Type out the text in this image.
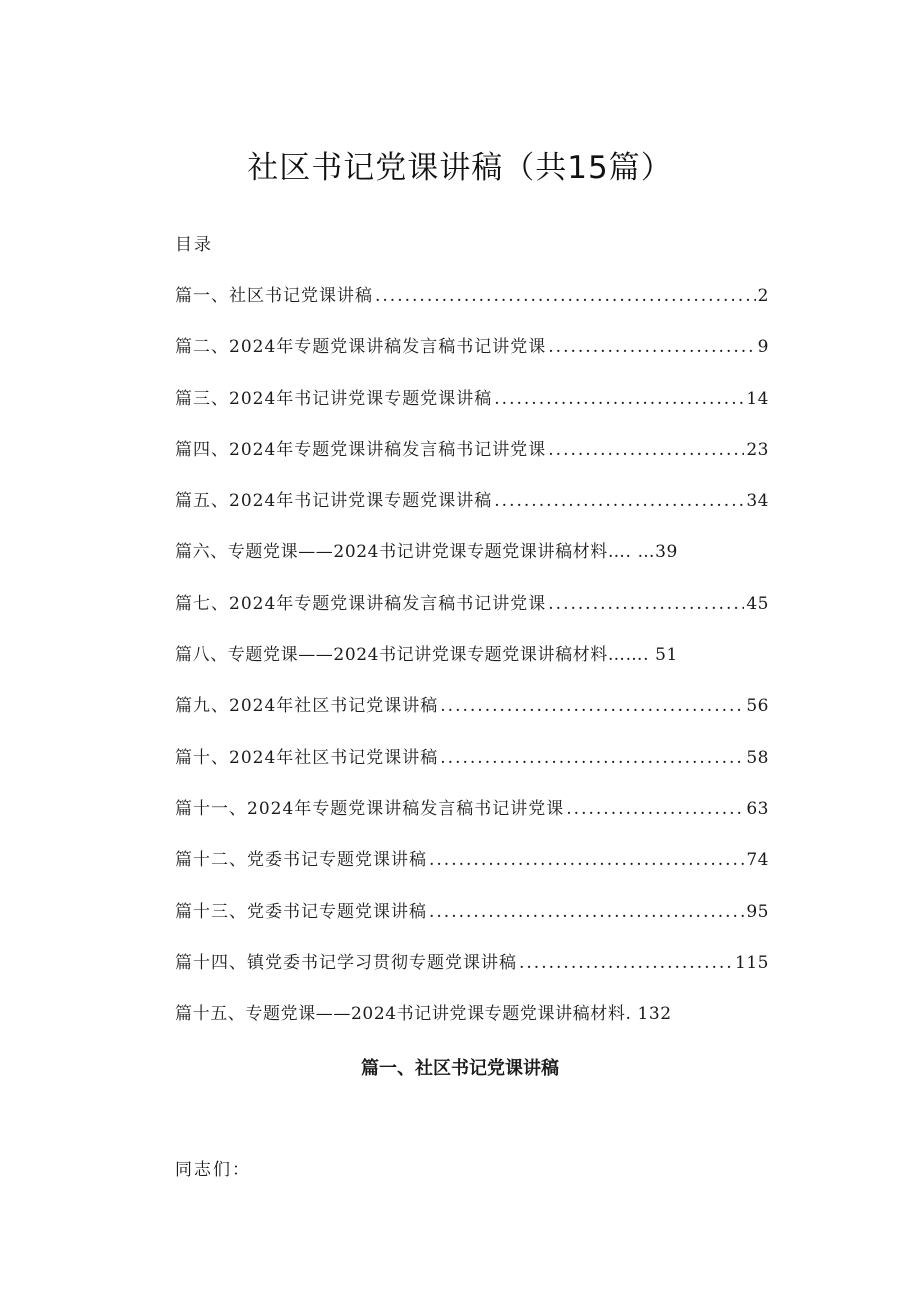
社区书记党课讲稿（共15篇）
目录
篇一、社区书记党课讲稿 .....	2
篇二、2024年专题党课讲稿发言稿书记讲党课 .....	9
篇三、2024年书记讲党课专题党课讲稿 .....	14
篇四、2024年专题党课讲稿发言稿书记讲党课 .....	23
篇五、2024年书记讲党课专题党课讲稿 .....	34
篇六、专题党课——2024书记讲党课专题党课讲稿材料…. …39
篇七、2024年专题党课讲稿发言稿书记讲党课 .....	45
篇八、专题党课——2024书记讲党课专题党课讲稿材料……. 51
篇九、2024年社区书记党课讲稿 .....	56
篇十、2024年社区书记党课讲稿 .....	58
篇十一、2024年专题党课讲稿发言稿书记讲党课 .....	63
篇十二、党委书记专题党课讲稿 .....	74
篇十三、党委书记专题党课讲稿 .....	95
篇十四、镇党委书记学习贯彻专题党课讲稿 .....	115
篇十五、专题党课——2024书记讲党课专题党课讲稿材料. 132
篇一、社区书记党课讲稿

同志们：
